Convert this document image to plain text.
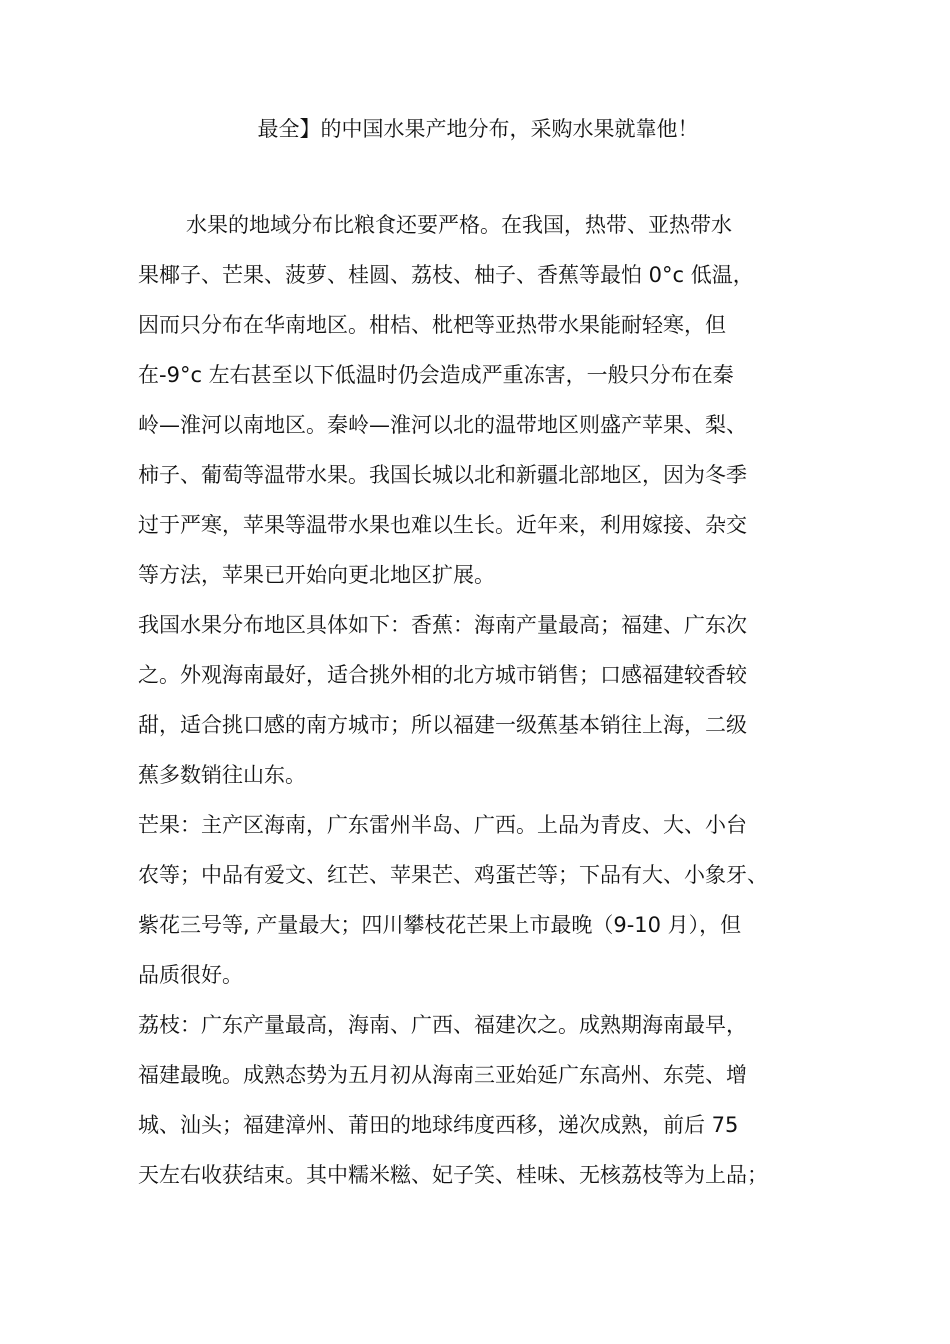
最全】的中国水果产地分布，采购水果就靠他！
水果的地域分布比粮食还要严格。在我国，热带、亚热带水
果椰子、芒果、菠萝、桂圆、荔枝、柚子、香蕉等最怕 0°c 低温，
因而只分布在华南地区。柑桔、枇杷等亚热带水果能耐轻寒，但
在-9°c 左右甚至以下低温时仍会造成严重冻害，一般只分布在秦
岭—淮河以南地区。秦岭—淮河以北的温带地区则盛产苹果、梨、
柿子、葡萄等温带水果。我国长城以北和新疆北部地区，因为冬季
过于严寒，苹果等温带水果也难以生长。近年来，利用嫁接、杂交
等方法，苹果已开始向更北地区扩展。
我国水果分布地区具体如下：香蕉：海南产量最高；福建、广东次
之。外观海南最好，适合挑外相的北方城市销售；口感福建较香较
甜，适合挑口感的南方城市；所以福建一级蕉基本销往上海，二级
蕉多数销往山东。
芒果：主产区海南，广东雷州半岛、广西。上品为青皮、大、小台
农等；中品有爱文、红芒、苹果芒、鸡蛋芒等；下品有大、小象牙、
紫花三号等, 产量最大；四川攀枝花芒果上市最晚（9-10 月），但
品质很好。
荔枝：广东产量最高，海南、广西、福建次之。成熟期海南最早，
福建最晚。成熟态势为五月初从海南三亚始延广东高州、东莞、增
城、汕头；福建漳州、莆田的地球纬度西移，递次成熟，前后 75
天左右收获结束。其中糯米糍、妃子笑、桂味、无核荔枝等为上品；
